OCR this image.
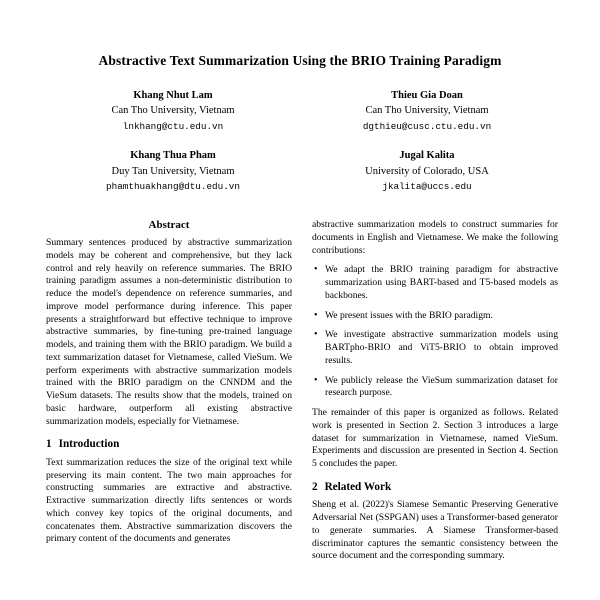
Abstractive Text Summarization Using the BRIO Training Paradigm
Khang Nhut Lam
Can Tho University, Vietnam
lnkhang@ctu.edu.vn

Thieu Gia Doan
Can Tho University, Vietnam
dgthieu@cusc.ctu.edu.vn

Khang Thua Pham
Duy Tan University, Vietnam
phamthuakhang@dtu.edu.vn

Jugal Kalita
University of Colorado, USA
jkalita@uccs.edu
Abstract

Summary sentences produced by abstractive summarization models may be coherent and comprehensive, but they lack control and rely heavily on reference summaries. The BRIO training paradigm assumes a non-deterministic distribution to reduce the model's dependence on reference summaries, and improve model performance during inference. This paper presents a straightforward but effective technique to improve abstractive summaries, by fine-tuning pre-trained language models, and training them with the BRIO paradigm. We build a text summarization dataset for Vietnamese, called VieSum. We perform experiments with abstractive summarization models trained with the BRIO paradigm on the CNNDM and the VieSum datasets. The results show that the models, trained on basic hardware, outperform all existing abstractive summarization models, especially for Vietnamese.

1 Introduction

Text summarization reduces the size of the original text while preserving its main content. The two main approaches for constructing summaries are extractive and abstractive. Extractive summarization directly lifts sentences or words which convey key topics of the original documents, and concatenates them. Abstractive summarization discovers the primary content of the documents and generates

abstractive summarization models to construct summaries for documents in English and Vietnamese. We make the following contributions:

• We adapt the BRIO training paradigm for abstractive summarization using BART-based and T5-based models as backbones.
• We present issues with the BRIO paradigm.
• We investigate abstractive summarization models using BARTpho-BRIO and ViT5-BRIO to obtain improved results.
• We publicly release the VieSum summarization dataset for research purpose.

The remainder of this paper is organized as follows. Related work is presented in Section 2. Section 3 introduces a large dataset for summarization in Vietnamese, named VieSum. Experiments and discussion are presented in Section 4. Section 5 concludes the paper.

2 Related Work

Sheng et al. (2022)'s Siamese Semantic Preserving Generative Adversarial Net (SSPGAN) uses a Transformer-based generator to generate summaries. A Siamese Transformer-based discriminator captures the semantic consistency between the source document and the corresponding summary.
